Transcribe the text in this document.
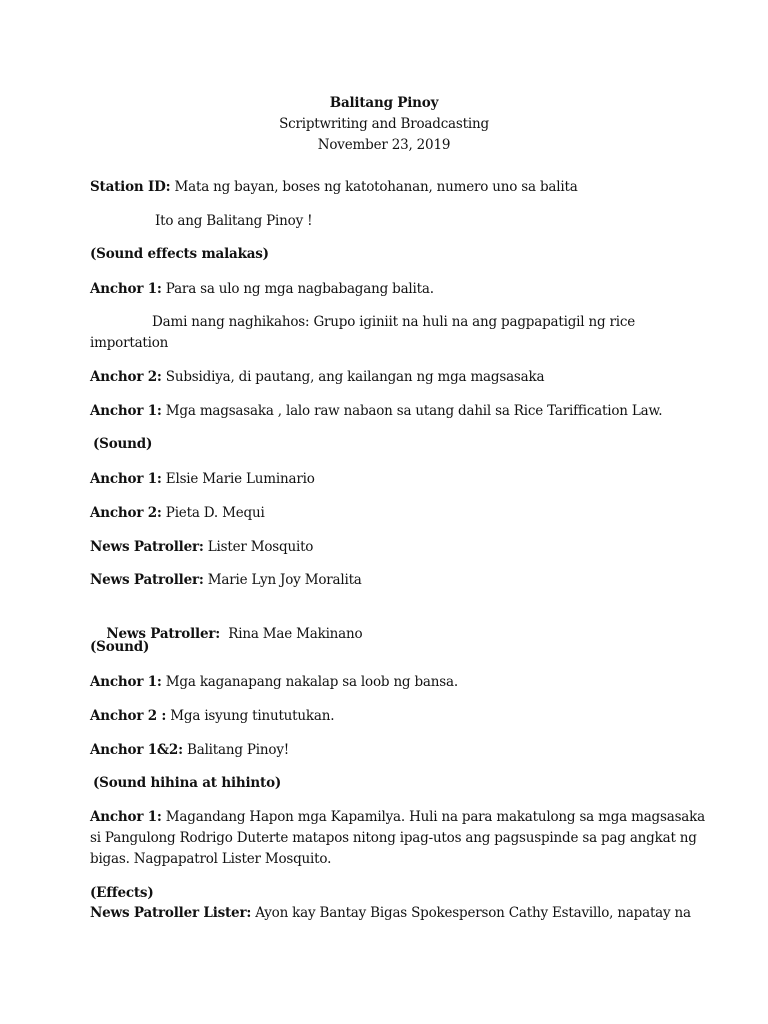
Balitang Pinoy
Scriptwriting and Broadcasting
November 23, 2019
Station ID: Mata ng bayan, boses ng katotohanan, numero uno sa balita
Ito ang Balitang Pinoy !
(Sound effects malakas)
Anchor 1: Para sa ulo ng mga nagbabagang balita.
Dami nang naghikahos: Grupo iginiit na huli na ang pagpapatigil ng rice
importation
Anchor 2: Subsidiya, di pautang, ang kailangan ng mga magsasaka
Anchor 1: Mga magsasaka , lalo raw nabaon sa utang dahil sa Rice Tariffication Law.
(Sound)
Anchor 1: Elsie Marie Luminario
Anchor 2: Pieta D. Mequi
News Patroller: Lister Mosquito
News Patroller: Marie Lyn Joy Moralita

News Patroller:  Rina Mae Makinano

(Sound)
Anchor 1: Mga kaganapang nakalap sa loob ng bansa.
Anchor 2 : Mga isyung tinututukan.
Anchor 1&2: Balitang Pinoy!
(Sound hihina at hihinto)
Anchor 1: Magandang Hapon mga Kapamilya. Huli na para makatulong sa mga magsasaka
si Pangulong Rodrigo Duterte matapos nitong ipag-utos ang pagsuspinde sa pag angkat ng
bigas. Nagpapatrol Lister Mosquito.
(Effects)
News Patroller Lister: Ayon kay Bantay Bigas Spokesperson Cathy Estavillo, napatay na
